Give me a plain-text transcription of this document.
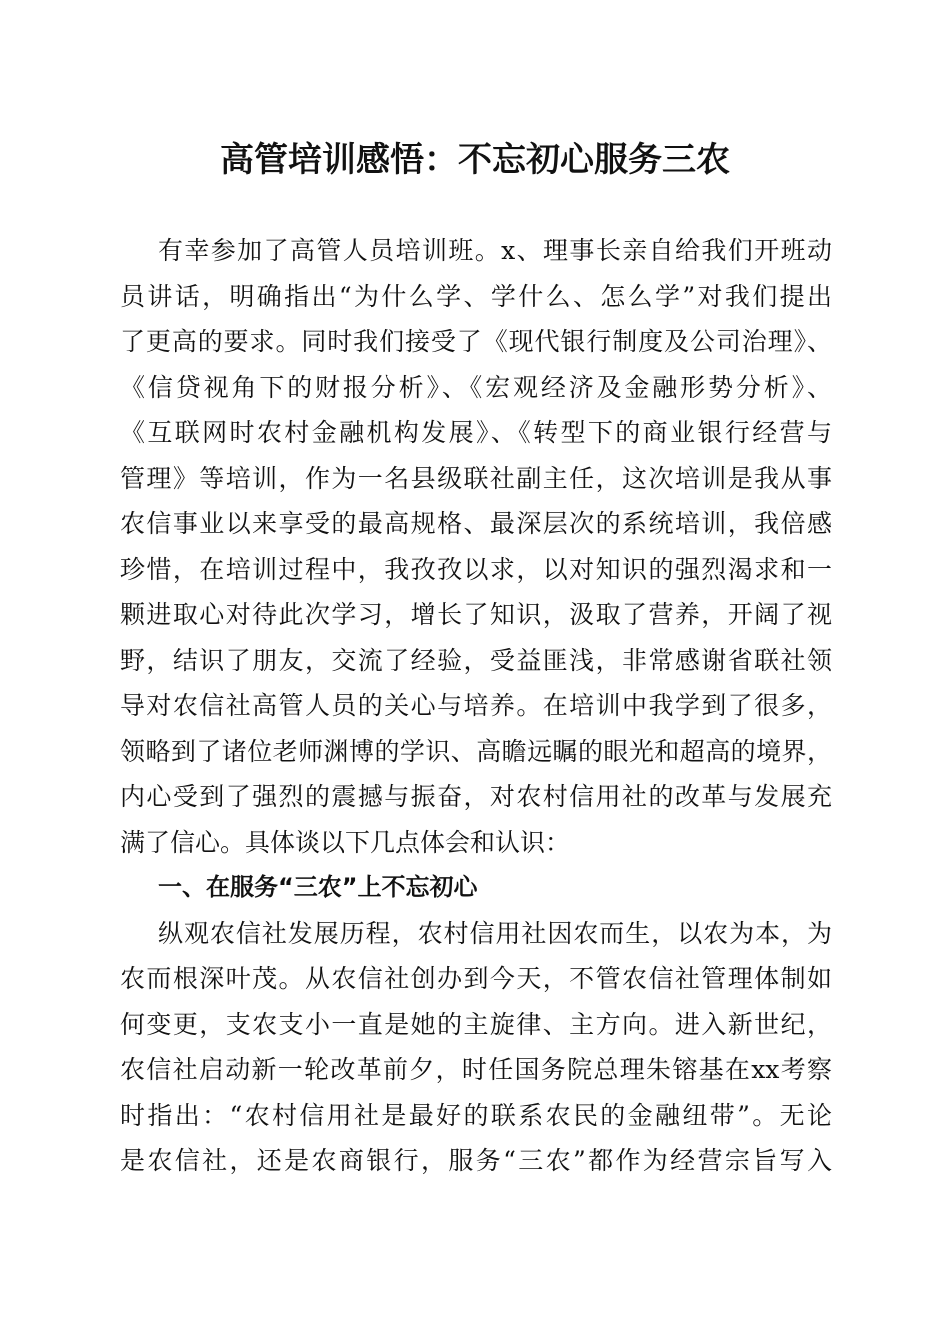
高管培训感悟：不忘初心服务三农
有幸参加了高管人员培训班。x、理事长亲自给我们开班动
员讲话，明确指出“为什么学、学什么、怎么学”对我们提出
了更高的要求。同时我们接受了《现代银行制度及公司治理》、
《信贷视角下的财报分析》、《宏观经济及金融形势分析》、
《互联网时农村金融机构发展》、《转型下的商业银行经营与
管理》等培训，作为一名县级联社副主任，这次培训是我从事
农信事业以来享受的最高规格、最深层次的系统培训，我倍感
珍惜，在培训过程中，我孜孜以求，以对知识的强烈渴求和一
颗进取心对待此次学习，增长了知识，汲取了营养，开阔了视
野，结识了朋友，交流了经验，受益匪浅，非常感谢省联社领
导对农信社高管人员的关心与培养。在培训中我学到了很多，
领略到了诸位老师渊博的学识、高瞻远瞩的眼光和超高的境界，
内心受到了强烈的震撼与振奋，对农村信用社的改革与发展充
满了信心。具体谈以下几点体会和认识：
一、在服务“三农”上不忘初心
纵观农信社发展历程，农村信用社因农而生，以农为本，为
农而根深叶茂。从农信社创办到今天，不管农信社管理体制如
何变更，支农支小一直是她的主旋律、主方向。进入新世纪，
农信社启动新一轮改革前夕，时任国务院总理朱镕基在xx考察
时指出：“农村信用社是最好的联系农民的金融纽带”。无论
是农信社，还是农商银行，服务“三农”都作为经营宗旨写入
